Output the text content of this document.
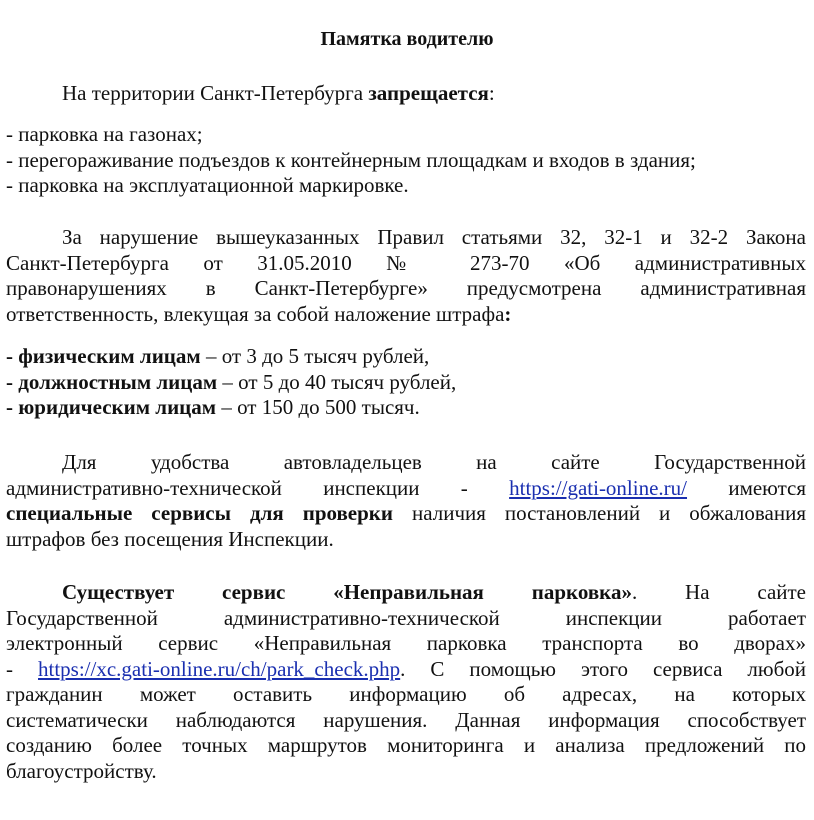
Памятка водителю
На территории Санкт-Петербурга запрещается:
- парковка на газонах;
- перегораживание подъездов к контейнерным площадкам и входов в здания;
- парковка на эксплуатационной маркировке.
За нарушение вышеуказанных Правил статьями 32, 32-1 и 32-2 Закона
Санкт-Петербурга от 31.05.2010 № 273-70 «Об административных
правонарушениях в Санкт-Петербурге» предусмотрена административная
ответственность, влекущая за собой наложение штрафа:
- физическим лицам – от 3 до 5 тысяч рублей,
- должностным лицам – от 5 до 40 тысяч рублей,
- юридическим лицам – от 150 до 500 тысяч.
Для удобства автовладельцев на сайте Государственной
административно-технической инспекции - https://gati-online.ru/ имеются
специальные сервисы для проверки наличия постановлений и обжалования
штрафов без посещения Инспекции.
Существует сервис «Неправильная парковка». На сайте
Государственной административно-технической инспекции работает
электронный сервис «Неправильная парковка транспорта во дворах»
- https://xc.gati-online.ru/ch/park_check.php. С помощью этого сервиса любой
гражданин может оставить информацию об адресах, на которых
систематически наблюдаются нарушения. Данная информация способствует
созданию более точных маршрутов мониторинга и анализа предложений по
благоустройству.
